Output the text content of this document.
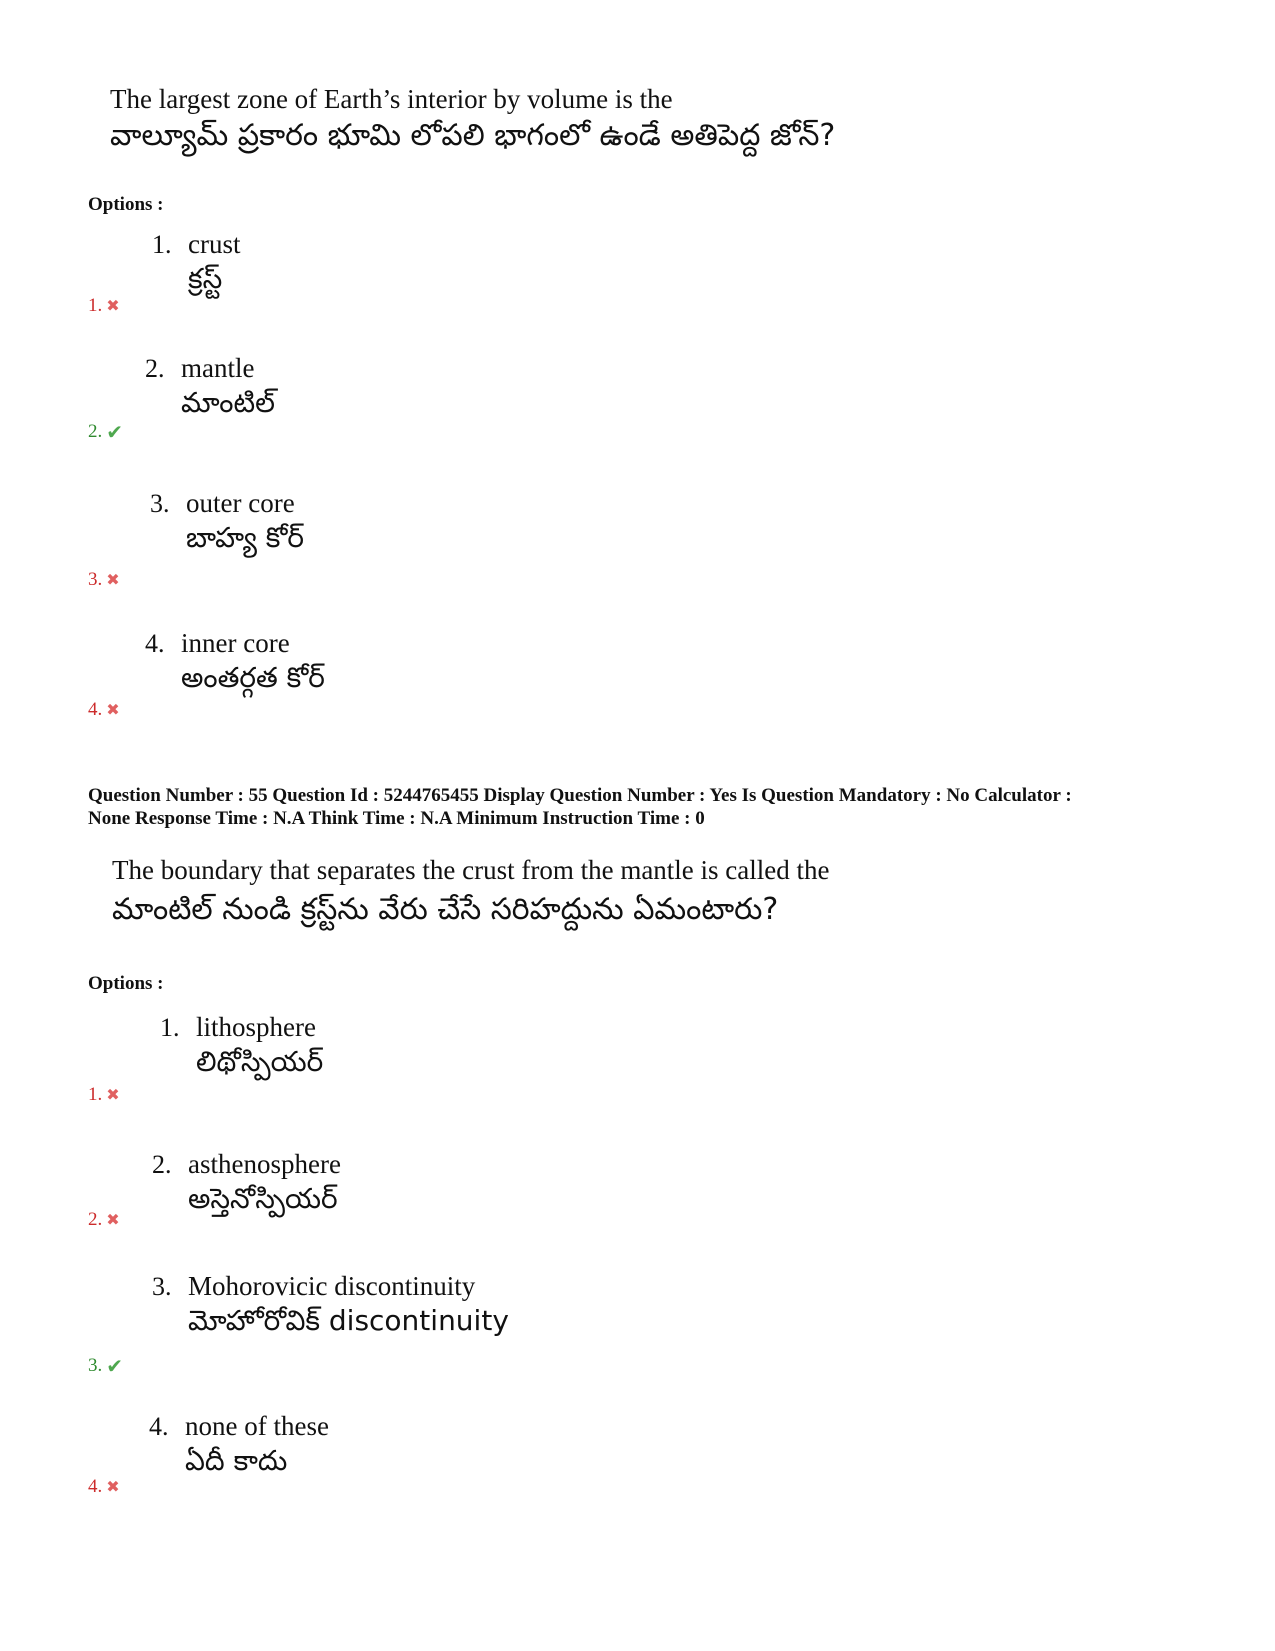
The largest zone of Earth’s interior by volume is the
వాల్యూమ్ ప్రకారం భూమి లోపలి భాగంలో ఉండే అతిపెద్ద జోన్?
Options :
1. crust
క్రస్ట్
1. ✖
2. mantle
మాంటిల్
2. ✔
3. outer core
బాహ్య కోర్
3. ✖
4. inner core
అంతర్గత కోర్
4. ✖
Question Number : 55 Question Id : 5244765455 Display Question Number : Yes Is Question Mandatory : No Calculator :
None Response Time : N.A Think Time : N.A Minimum Instruction Time : 0
The boundary that separates the crust from the mantle is called the
మాంటిల్ నుండి క్రస్ట్‌ను వేరు చేసే సరిహద్దును ఏమంటారు?
Options :
1. lithosphere
లిథోస్పియర్
1. ✖
2. asthenosphere
అస్తెనోస్పియర్
2. ✖
3. Mohorovicic discontinuity
మోహోరోవిక్ discontinuity
3. ✔
4. none of these
ఏదీ కాదు
4. ✖
